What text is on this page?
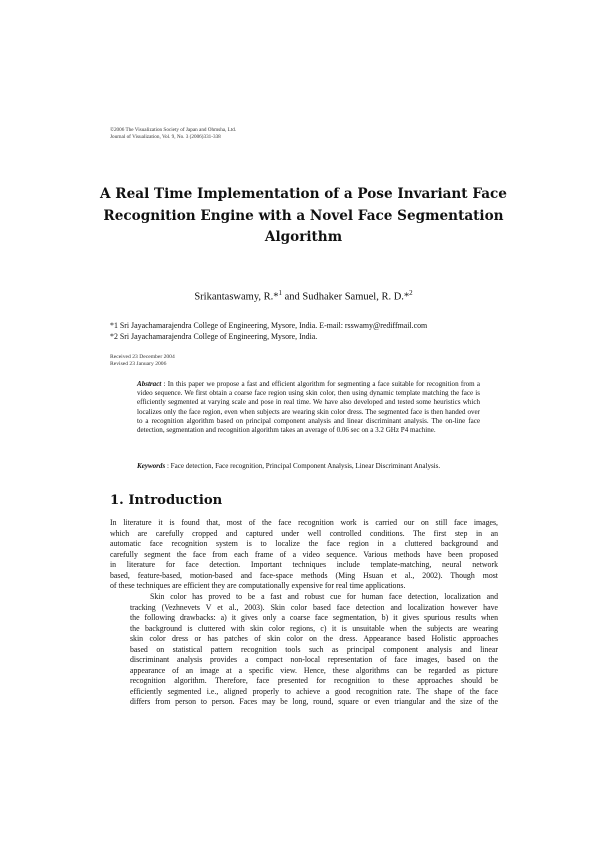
©2006 The Visualization Society of Japan and Ohmsha, Ltd.
Journal of Visualization, Vol. 9, No. 3 (2006)331-338
A Real Time Implementation of a Pose Invariant Face
Recognition Engine with a Novel Face Segmentation
Algorithm
Srikantaswamy, R.*$^1$ and Sudhaker Samuel, R. D.*$^2$
*1 Sri Jayachamarajendra College of Engineering, Mysore, India. E-mail: rsswamy@rediffmail.com
*2 Sri Jayachamarajendra College of Engineering, Mysore, India.
Received 23 December 2004
Revised 23 January 2006
Abstract : In this paper we propose a fast and efficient algorithm for segmenting a face suitable for recognition from a video sequence. We first obtain a coarse face region using skin color, then using dynamic template matching the face is efficiently segmented at varying scale and pose in real time. We have also developed and tested some heuristics which localizes only the face region, even when subjects are wearing skin color dress. The segmented face is then handed over to a recognition algorithm based on principal component analysis and linear discriminant analysis. The on-line face detection, segmentation and recognition algorithm takes an average of 0.06 sec on a 3.2 GHz P4 machine.
Keywords : Face detection, Face recognition, Principal Component Analysis, Linear Discriminant Analysis.
1. Introduction
In literature it is found that, most of the face recognition work is carried our on still face images,
which are carefully cropped and captured under well controlled conditions. The first step in an
automatic face recognition system is to localize the face region in a cluttered background and
carefully segment the face from each frame of a video sequence. Various methods have been proposed
in literature for face detection. Important techniques include template-matching, neural network
based, feature-based, motion-based and face-space methods (Ming Hsuan et al., 2002). Though most
of these techniques are efficient they are computationally expensive for real time applications.
Skin color has proved to be a fast and robust cue for human face detection, localization and
tracking (Vezhnevets V et al., 2003). Skin color based face detection and localization however have
the following drawbacks: a) it gives only a coarse face segmentation, b) it gives spurious results when
the background is cluttered with skin color regions, c) it is unsuitable when the subjects are wearing
skin color dress or has patches of skin color on the dress. Appearance based Holistic approaches
based on statistical pattern recognition tools such as principal component analysis and linear
discriminant analysis provides a compact non-local representation of face images, based on the
appearance of an image at a specific view. Hence, these algorithms can be regarded as picture
recognition algorithm. Therefore, face presented for recognition to these approaches should be
efficiently segmented i.e., aligned properly to achieve a good recognition rate. The shape of the face
differs from person to person. Faces may be long, round, square or even triangular and the size of the
